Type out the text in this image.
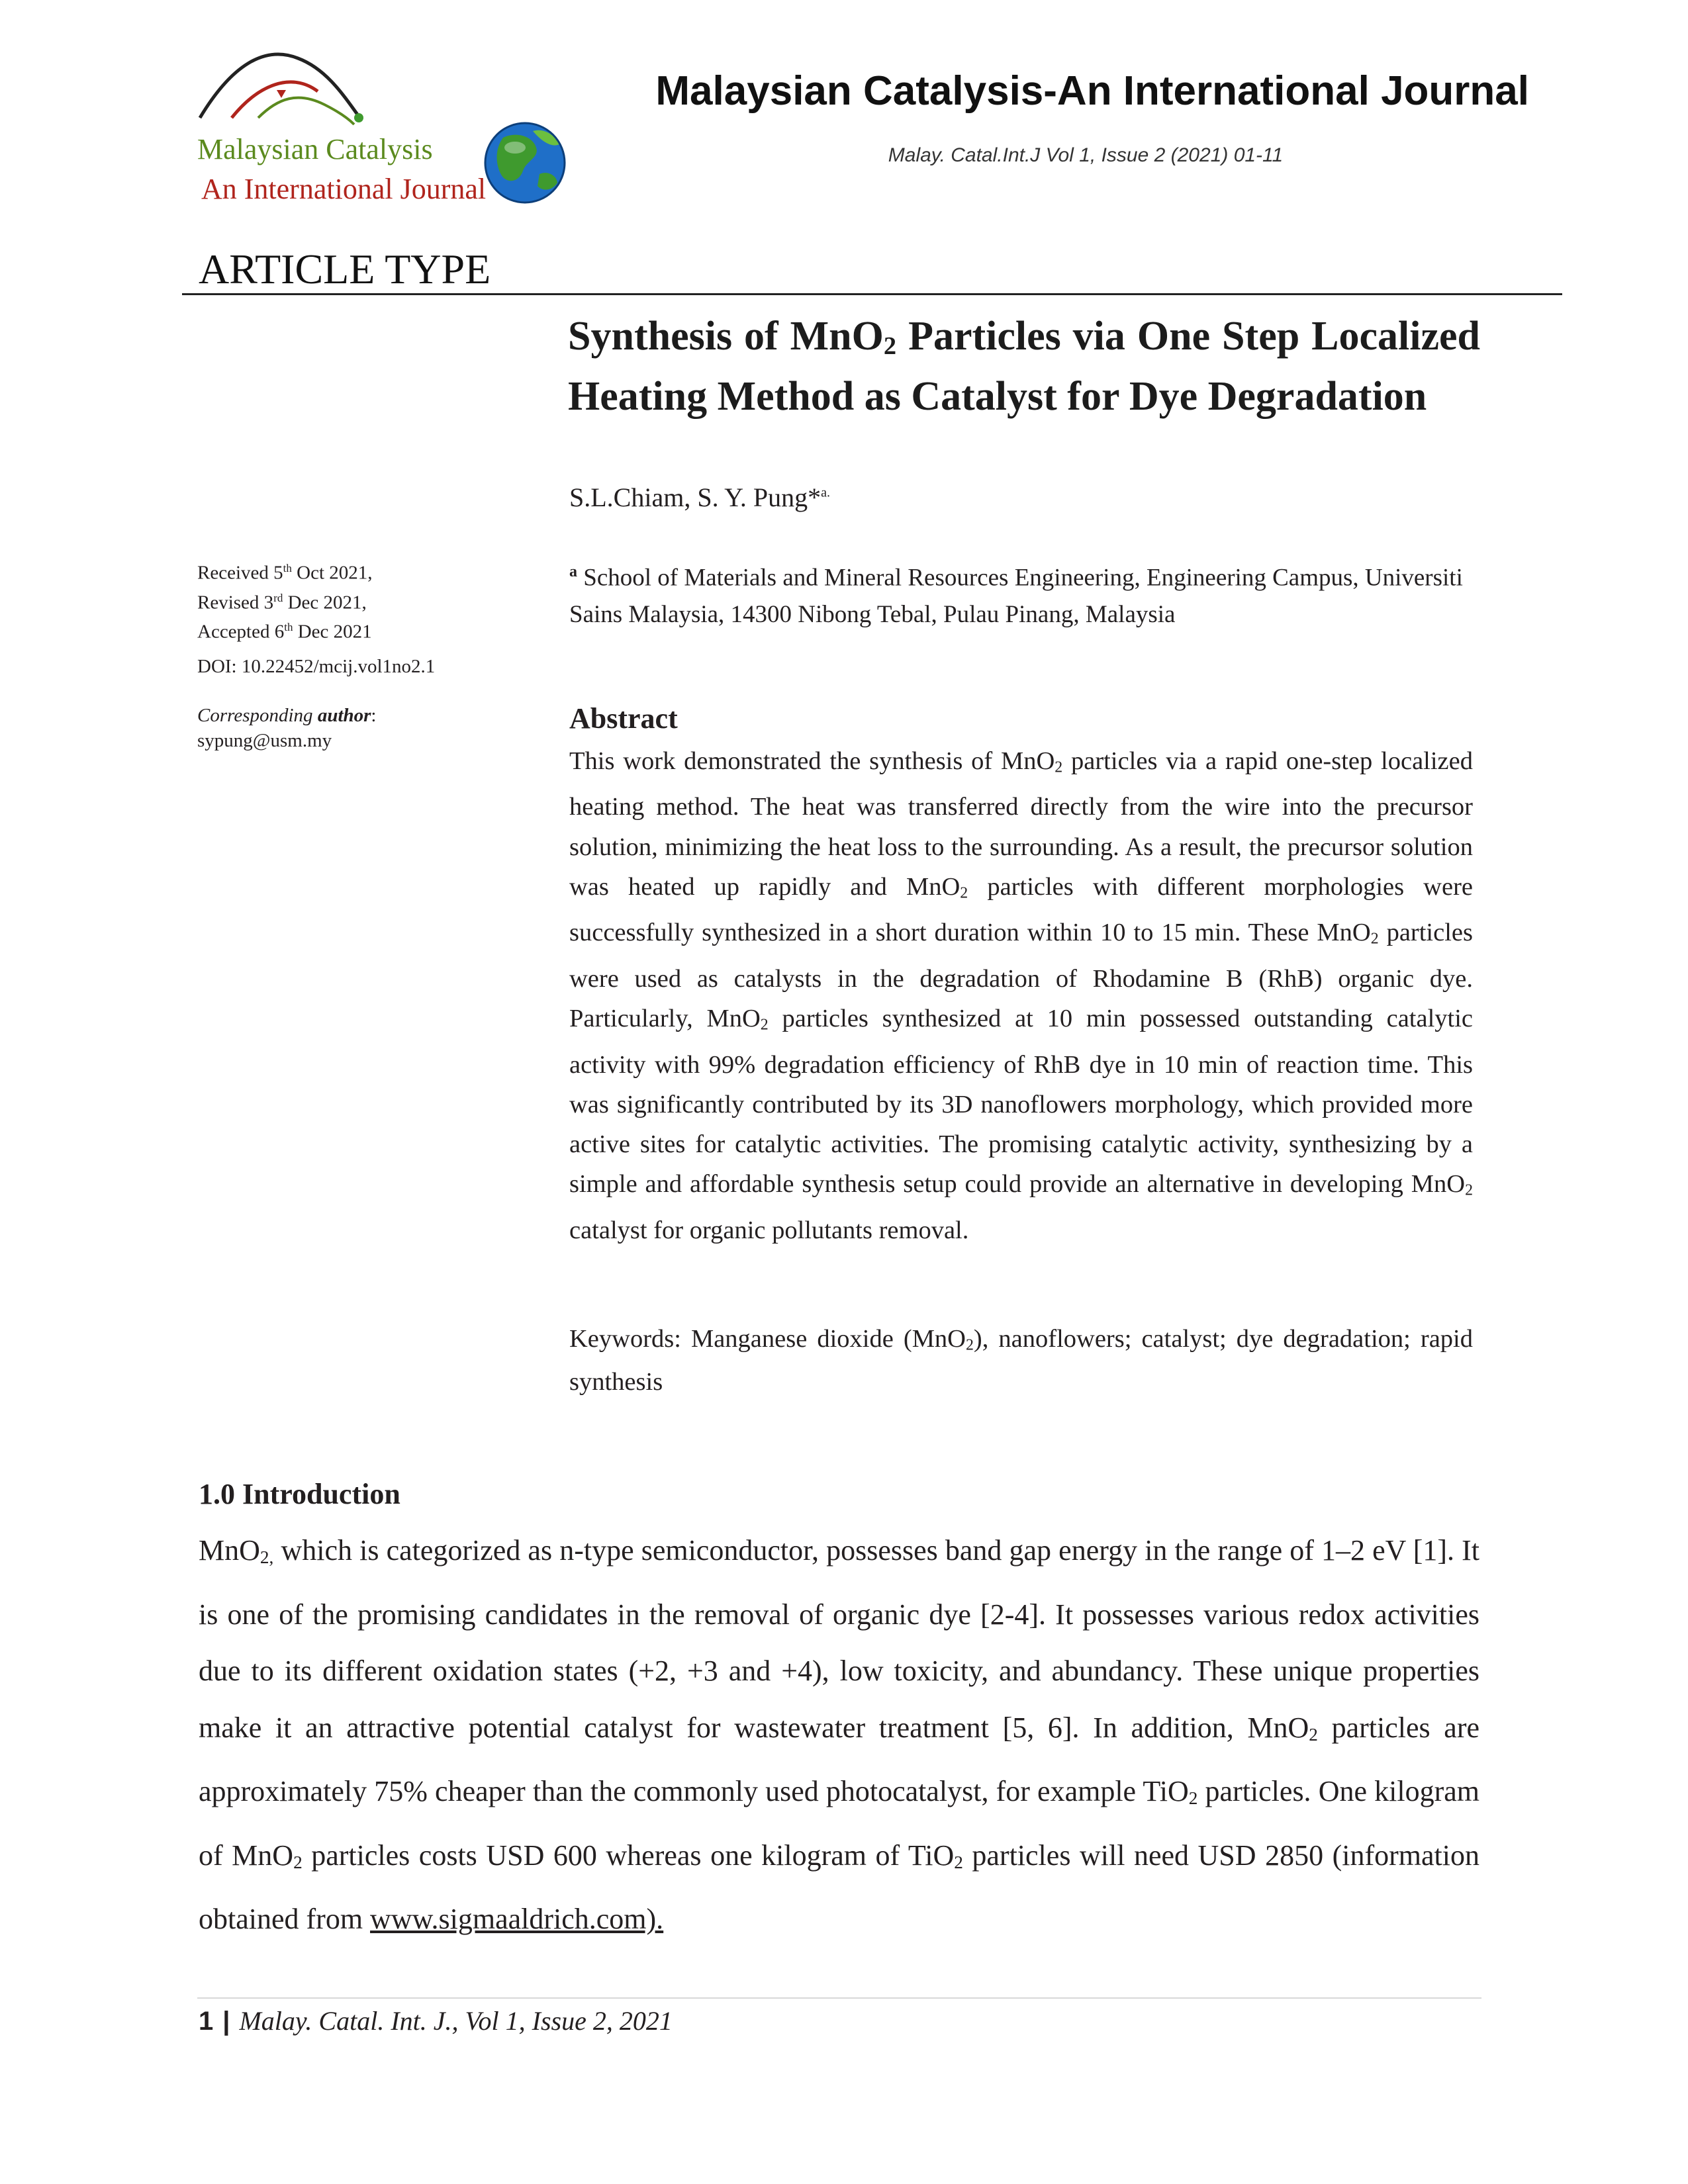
Malaysian Catalysis
An International Journal
Malaysian Catalysis-An International Journal
Malay. Catal.Int.J Vol 1, Issue 2 (2021) 01-11
ARTICLE TYPE
Synthesis of MnO$_2$ Particles via One Step Localized Heating Method as Catalyst for Dye Degradation
S.L.Chiam, S. Y. Pung*$^{a.}$
$^a$ School of Materials and Mineral Resources Engineering, Engineering Campus, Universiti Sains Malaysia, 14300 Nibong Tebal, Pulau Pinang, Malaysia
Received 5th Oct 2021,
Revised 3rd Dec 2021,
Accepted 6th Dec 2021
DOI: 10.22452/mcij.vol1no2.1
Corresponding author:
sypung@usm.my
Abstract
This work demonstrated the synthesis of MnO$_2$ particles via a rapid one-step localized heating method. The heat was transferred directly from the wire into the precursor solution, minimizing the heat loss to the surrounding. As a result, the precursor solution was heated up rapidly and MnO$_2$ particles with different morphologies were successfully synthesized in a short duration within 10 to 15 min. These MnO$_2$ particles were used as catalysts in the degradation of Rhodamine B (RhB) organic dye. Particularly, MnO$_2$ particles synthesized at 10 min possessed outstanding catalytic activity with 99% degradation efficiency of RhB dye in 10 min of reaction time. This was significantly contributed by its 3D nanoflowers morphology, which provided more active sites for catalytic activities. The promising catalytic activity, synthesizing by a simple and affordable synthesis setup could provide an alternative in developing MnO$_2$ catalyst for organic pollutants removal.
Keywords: Manganese dioxide (MnO$_2$), nanoflowers; catalyst; dye degradation; rapid synthesis
1.0 Introduction
MnO$_{2,}$ which is categorized as n-type semiconductor, possesses band gap energy in the range of 1–2 eV [1]. It is one of the promising candidates in the removal of organic dye [2-4]. It possesses various redox activities due to its different oxidation states (+2, +3 and +4), low toxicity, and abundancy. These unique properties make it an attractive potential catalyst for wastewater treatment [5, 6]. In addition, MnO$_2$ particles are approximately 75% cheaper than the commonly used photocatalyst, for example TiO$_2$ particles. One kilogram of MnO$_2$ particles costs USD 600 whereas one kilogram of TiO$_2$ particles will need USD 2850 (information obtained from www.sigmaaldrich.com).
1 | Malay. Catal. Int. J., Vol 1, Issue 2, 2021
